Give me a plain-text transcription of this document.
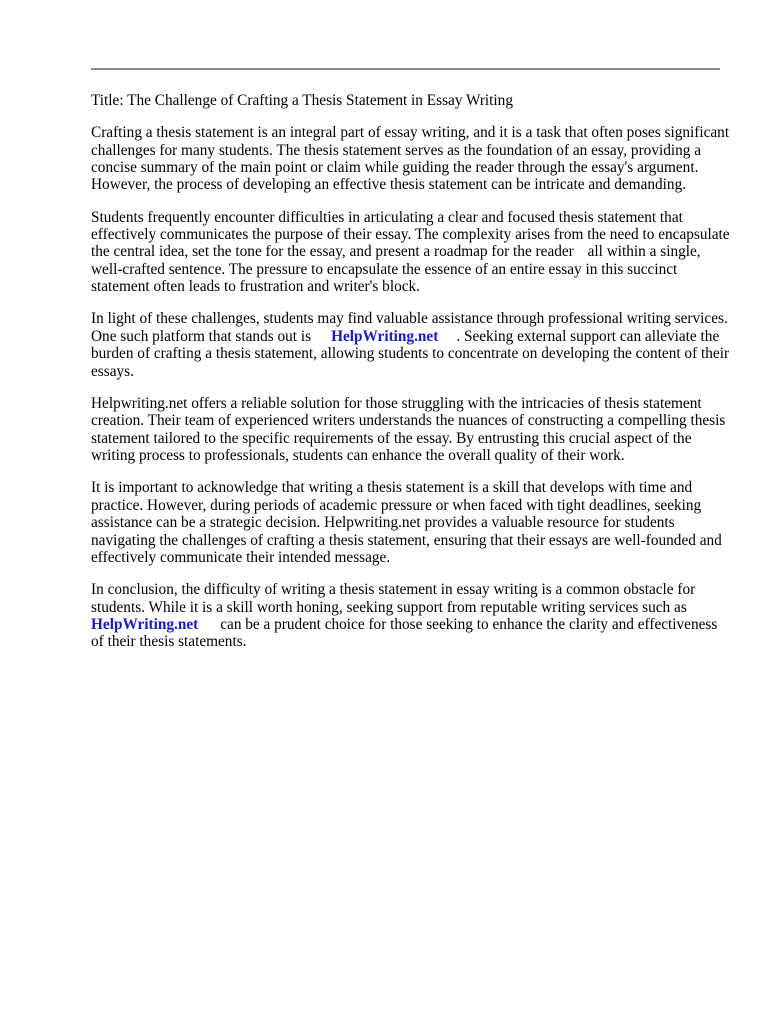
Title: The Challenge of Crafting a Thesis Statement in Essay Writing

Crafting a thesis statement is an integral part of essay writing, and it is a task that often poses significant challenges for many students. The thesis statement serves as the foundation of an essay, providing a concise summary of the main point or claim while guiding the reader through the essay's argument. However, the process of developing an effective thesis statement can be intricate and demanding.

Students frequently encounter difficulties in articulating a clear and focused thesis statement that effectively communicates the purpose of their essay. The complexity arises from the need to encapsulate the central idea, set the tone for the essay, and present a roadmap for the reader all within a single, well-crafted sentence. The pressure to encapsulate the essence of an entire essay in this succinct statement often leads to frustration and writer's block.

In light of these challenges, students may find valuable assistance through professional writing services. One such platform that stands out is HelpWriting.net . Seeking external support can alleviate the burden of crafting a thesis statement, allowing students to concentrate on developing the content of their essays.

Helpwriting.net offers a reliable solution for those struggling with the intricacies of thesis statement creation. Their team of experienced writers understands the nuances of constructing a compelling thesis statement tailored to the specific requirements of the essay. By entrusting this crucial aspect of the writing process to professionals, students can enhance the overall quality of their work.

It is important to acknowledge that writing a thesis statement is a skill that develops with time and practice. However, during periods of academic pressure or when faced with tight deadlines, seeking assistance can be a strategic decision. Helpwriting.net provides a valuable resource for students navigating the challenges of crafting a thesis statement, ensuring that their essays are well-founded and effectively communicate their intended message.

In conclusion, the difficulty of writing a thesis statement in essay writing is a common obstacle for students. While it is a skill worth honing, seeking support from reputable writing services such as HelpWriting.net can be a prudent choice for those seeking to enhance the clarity and effectiveness of their thesis statements.
